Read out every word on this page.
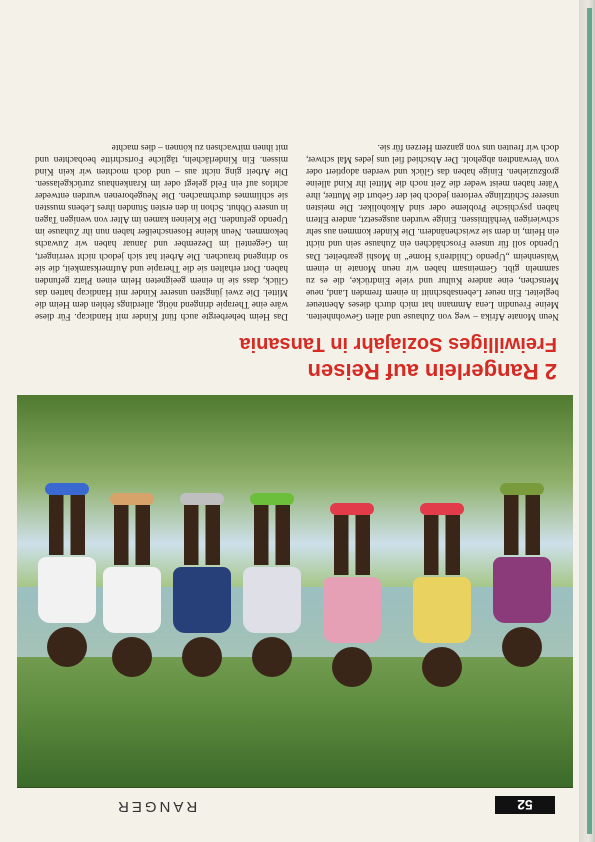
52
RANGER
2 Rangerlein auf Reisen
Freiwilliges Soziajahr in Tansania

Neun Monate Afrika – weg von Zuhause und allen Gewohnheiten. Meine Freundin Lena Ammann hat mich durch dieses Abenteuer begleitet. Ein neuer Lebensabschnitt in einem fremden Land, neue Menschen, eine andere Kultur und viele Eindrücke, die es zu sammeln gibt. Gemeinsam haben wir neun Monate in einem Waisenheim „Upendo Children's Home“ in Moshi gearbeitet. Das Upendo soll für unsere Froschädchen ein Zuhause sein und nicht ein Heim, in dem sie zwischenändern. Die Kinder kommen aus sehr schwierigen Verhältnissen. Einige wurden ausgesetzt, andere Eltern haben psychische Probleme oder sind Alkoholiker. Die meisten unserer Schützlinge verloren jedoch bei der Geburt die Mutter, ihre Väter haben meist weder die Zeit noch die Mittel ihr Kind alleine großzuziehen. Einige haben das Glück und werden adoptiert oder von Verwandten abgeholt. Der Abschied fiel uns jedes Mal schwer, doch wir freuten uns von ganzem Herzen für sie.

Das Heim beherbergte auch fünf Kinder mit Handicap. Für diese wäre eine Therapie dringend nötig, allerdings fehlen dem Heim die Mittel. Die zwei jüngsten unserer Kinder mit Handicap hatten das Glück, dass sie in einem geeigneten Heim einen Platz gefunden haben. Dort erhalten sie die Therapie und Aufmerksamkeit, die sie so dringend brauchen. Die Arbeit hat sich jedoch nicht verringert, im Gegenteil im Dezember und Januar haben wir Zuwachs bekommen. Neun kleine Hosenscheißer haben nun ihr Zuhause im Upendo gefunden. Die Kleinen kamen im Alter von wenigen Tagen in unsere Obhut. Schon in den ersten Stunden ihres Lebens mussten sie schlimmes durchmachen. Die Neugeborenen wurden entweder achtlos auf ein Feld gelegt oder im Krankenhaus zurückgelassen. Die Arbeit ging nicht aus – und doch mochten wir kein Kind missen. Ein Kinderlächeln, tägliche Fortschritte beobachten und mit ihnen mitwachsen zu können – dies machte
